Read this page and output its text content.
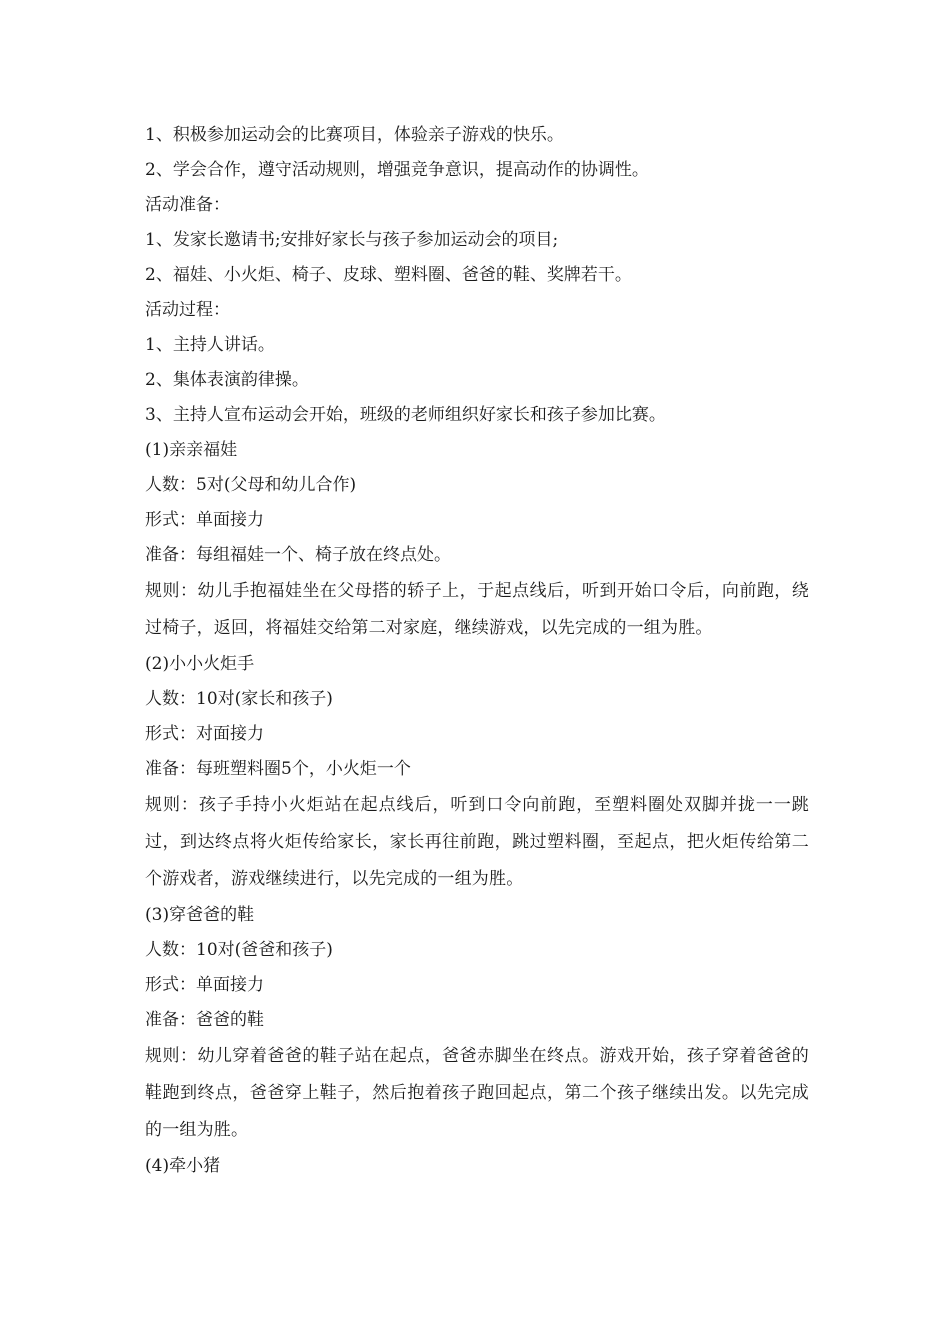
1、积极参加运动会的比赛项目，体验亲子游戏的快乐。

2、学会合作，遵守活动规则，增强竞争意识，提高动作的协调性。

活动准备：

1、发家长邀请书;安排好家长与孩子参加运动会的项目;

2、福娃、小火炬、椅子、皮球、塑料圈、爸爸的鞋、奖牌若干。

活动过程：

1、主持人讲话。

2、集体表演韵律操。

3、主持人宣布运动会开始，班级的老师组织好家长和孩子参加比赛。

(1)亲亲福娃

人数：5对(父母和幼儿合作)

形式：单面接力

准备：每组福娃一个、椅子放在终点处。

规则：幼儿手抱福娃坐在父母搭的轿子上，于起点线后，听到开始口令后，向前跑，绕过椅子，返回，将福娃交给第二对家庭，继续游戏，以先完成的一组为胜。

(2)小小火炬手

人数：10对(家长和孩子)

形式：对面接力

准备：每班塑料圈5个，小火炬一个

规则：孩子手持小火炬站在起点线后，听到口令向前跑，至塑料圈处双脚并拢一一跳过，到达终点将火炬传给家长，家长再往前跑，跳过塑料圈，至起点，把火炬传给第二个游戏者，游戏继续进行，以先完成的一组为胜。

(3)穿爸爸的鞋

人数：10对(爸爸和孩子)

形式：单面接力

准备：爸爸的鞋

规则：幼儿穿着爸爸的鞋子站在起点，爸爸赤脚坐在终点。游戏开始，孩子穿着爸爸的鞋跑到终点，爸爸穿上鞋子，然后抱着孩子跑回起点，第二个孩子继续出发。以先完成的一组为胜。

(4)牵小猪
